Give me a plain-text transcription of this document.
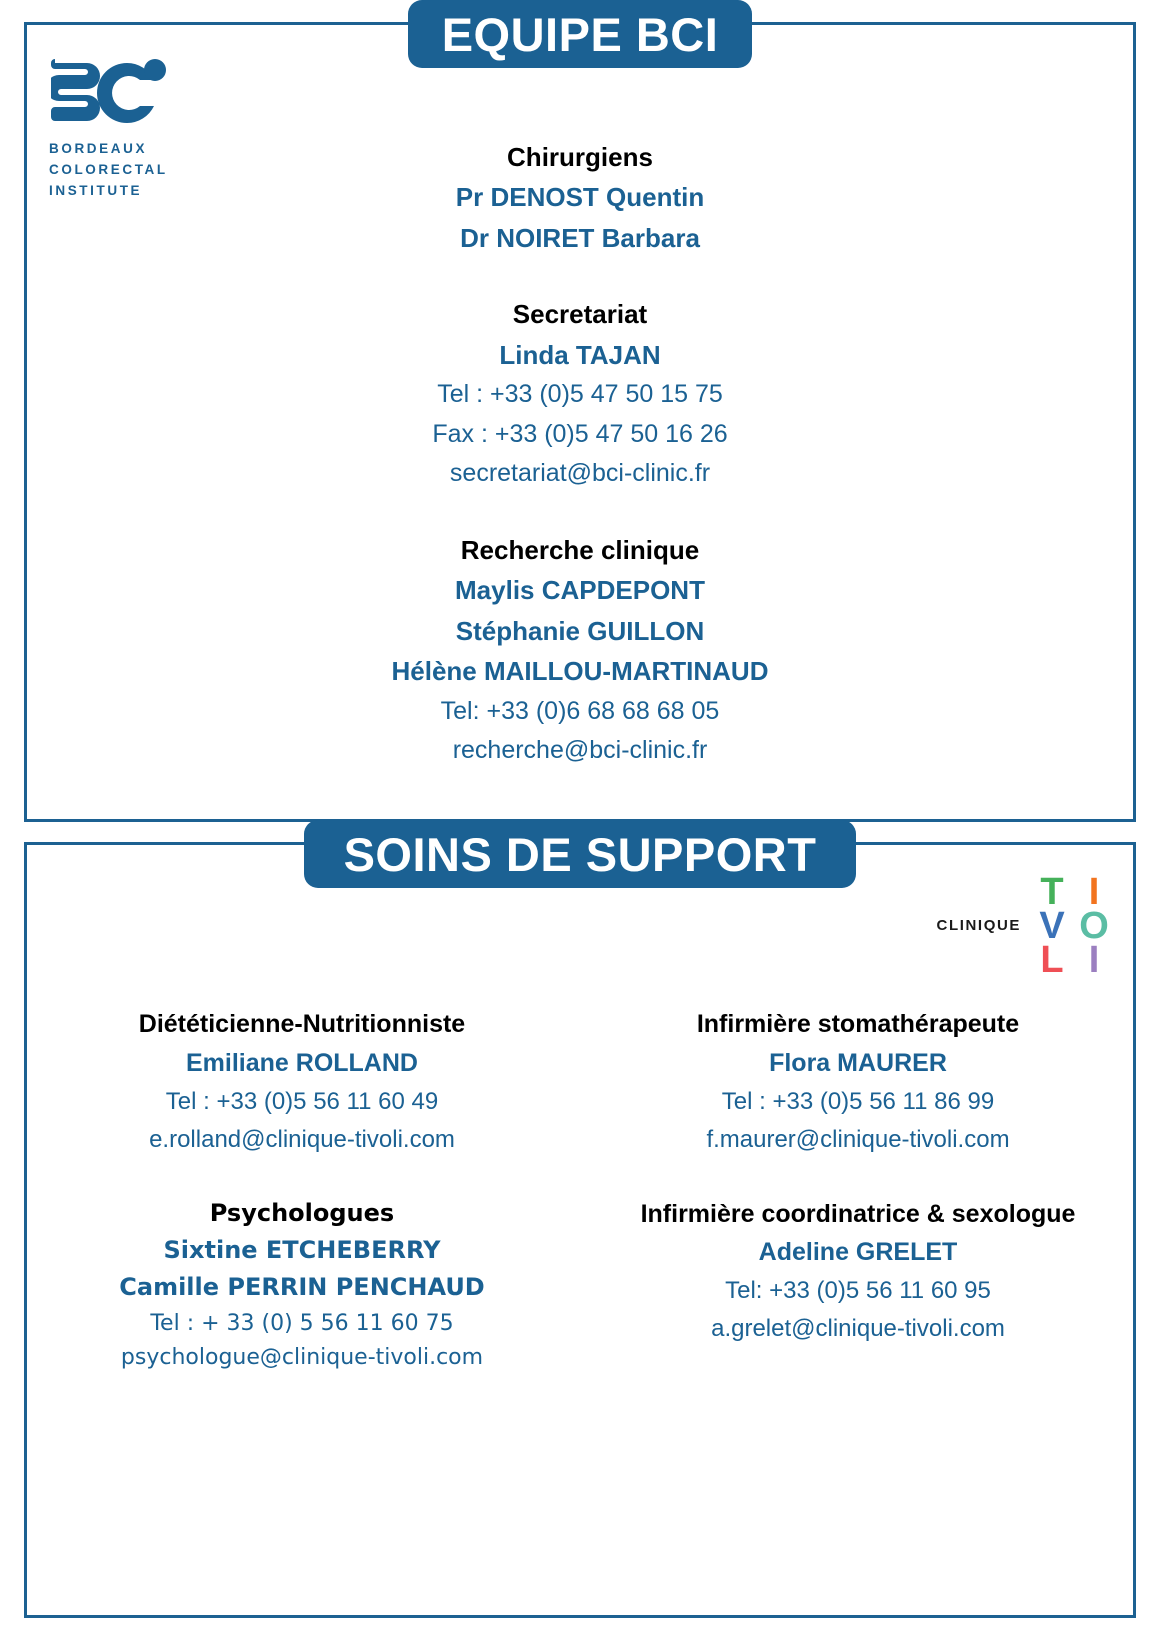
EQUIPE BCI
BORDEAUX
COLORECTAL
INSTITUTE
Chirurgiens
Pr DENOST Quentin
Dr NOIRET Barbara
Secretariat
Linda TAJAN
Tel : +33 (0)5 47 50 15 75
Fax : +33 (0)5 47 50 16 26
secretariat@bci-clinic.fr
Recherche clinique
Maylis CAPDEPONT
Stéphanie GUILLON
Hélène MAILLOU-MARTINAUD
Tel: +33 (0)6 68 68 68 05
recherche@bci-clinic.fr
SOINS DE SUPPORT
CLINIQUE
T I
V O
L I
Diététicienne-Nutritionniste
Emiliane ROLLAND
Tel : +33 (0)5 56 11 60 49
e.rolland@clinique-tivoli.com
Infirmière stomathérapeute
Flora MAURER
Tel : +33 (0)5 56 11 86 99
f.maurer@clinique-tivoli.com
Psychologues
Sixtine ETCHEBERRY
Camille PERRIN PENCHAUD
Tel : + 33 (0) 5 56 11 60 75
psychologue@clinique-tivoli.com
Infirmière coordinatrice & sexologue
Adeline GRELET
Tel: +33 (0)5 56 11 60 95
a.grelet@clinique-tivoli.com
